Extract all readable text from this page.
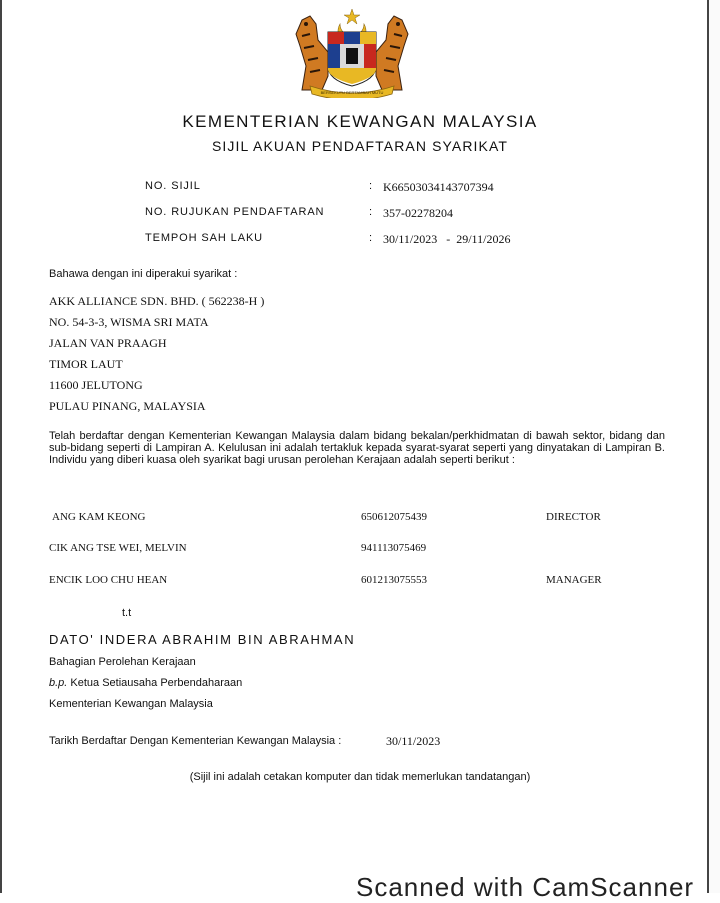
BERSEKUTU BERTAMBAH MUTU
KEMENTERIAN KEWANGAN MALAYSIA
SIJIL AKUAN PENDAFTARAN SYARIKAT
NO. SIJIL	: K66503034143707394
NO. RUJUKAN PENDAFTARAN	: 357-02278204
TEMPOH SAH LAKU	: 30/11/2023   -  29/11/2026
Bahawa dengan ini diperakui syarikat :
AKK ALLIANCE SDN. BHD. ( 562238-H )
NO. 54-3-3, WISMA SRI MATA
JALAN VAN PRAAGH
TIMOR LAUT
11600 JELUTONG
PULAU PINANG, MALAYSIA
Telah berdaftar dengan Kementerian Kewangan Malaysia dalam bidang bekalan/perkhidmatan di bawah sektor, bidang dan sub-bidang seperti di Lampiran A. Kelulusan ini adalah tertakluk kepada syarat-syarat seperti yang dinyatakan di Lampiran B. Individu yang diberi kuasa oleh syarikat bagi urusan perolehan Kerajaan adalah seperti berikut :
ANG KAM KEONG	650612075439	DIRECTOR
CIK ANG TSE WEI, MELVIN	941113075469
ENCIK LOO CHU HEAN	601213075553	MANAGER
t.t
DATO' INDERA ABRAHIM BIN ABRAHMAN
Bahagian Perolehan Kerajaan
b.p. Ketua Setiausaha Perbendaharaan
Kementerian Kewangan Malaysia
Tarikh Berdaftar Dengan Kementerian Kewangan Malaysia :	30/11/2023
(Sijil ini adalah cetakan komputer dan tidak memerlukan tandatangan)
Scanned with CamScanner
